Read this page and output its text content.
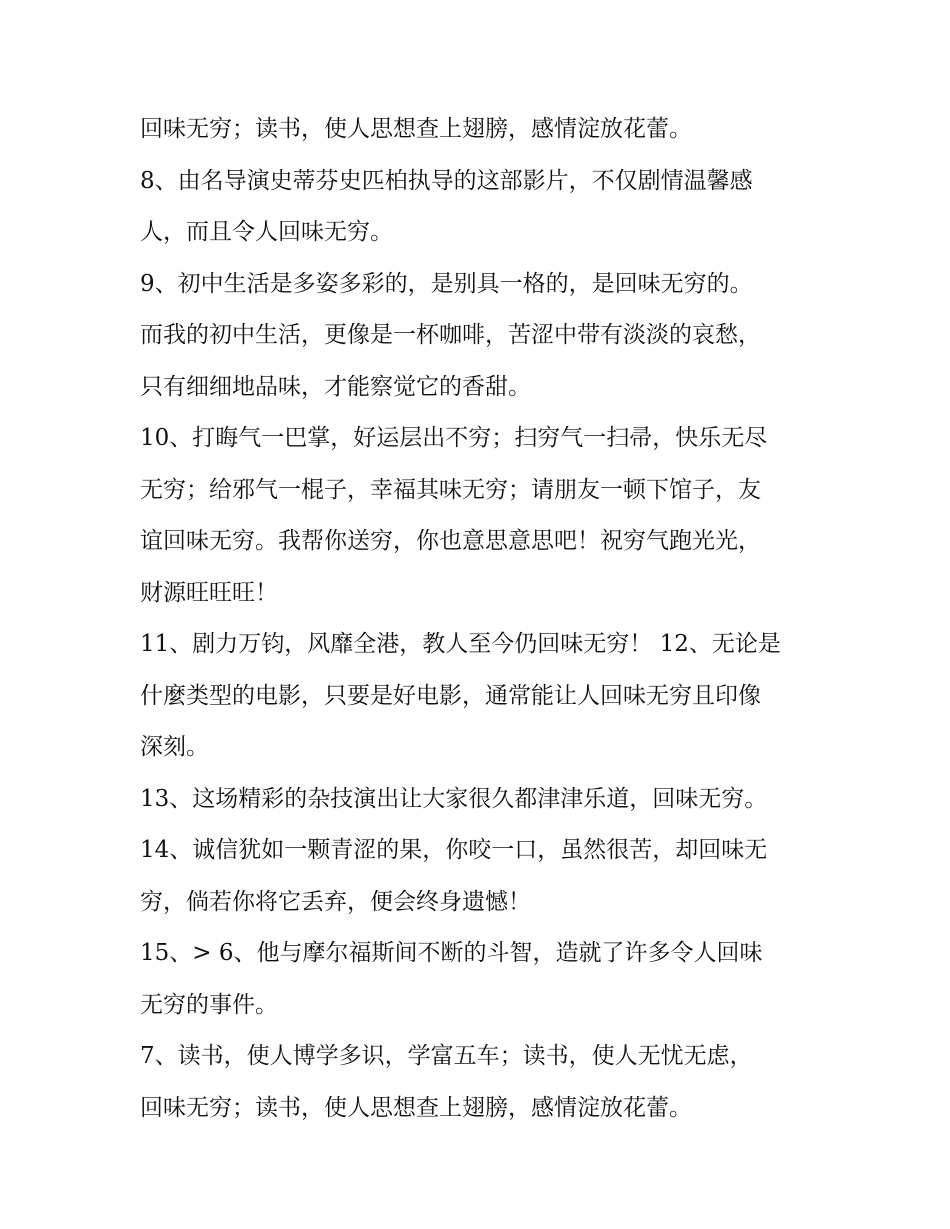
回味无穷；读书，使人思想查上翅膀，感情淀放花蕾。
8、由名导演史蒂芬史匹柏执导的这部影片，不仅剧情温馨感
人，而且令人回味无穷。
9、初中生活是多姿多彩的，是别具一格的，是回味无穷的。
而我的初中生活，更像是一杯咖啡，苦涩中带有淡淡的哀愁，
只有细细地品味，才能察觉它的香甜。
10、打晦气一巴掌，好运层出不穷；扫穷气一扫帚，快乐无尽
无穷；给邪气一棍子，幸福其味无穷；请朋友一顿下馆子，友
谊回味无穷。我帮你送穷，你也意思意思吧！祝穷气跑光光，
财源旺旺旺！
11、剧力万钧，风靡全港，教人至今仍回味无穷！ 12、无论是
什麼类型的电影，只要是好电影，通常能让人回味无穷且印像
深刻。
13、这场精彩的杂技演出让大家很久都津津乐道，回味无穷。
14、诚信犹如一颗青涩的果，你咬一口，虽然很苦，却回味无
穷，倘若你将它丢弃，便会终身遗憾！
15、> 6、他与摩尔福斯间不断的斗智，造就了许多令人回味
无穷的事件。
7、读书，使人博学多识，学富五车；读书，使人无忧无虑，
回味无穷；读书，使人思想查上翅膀，感情淀放花蕾。
